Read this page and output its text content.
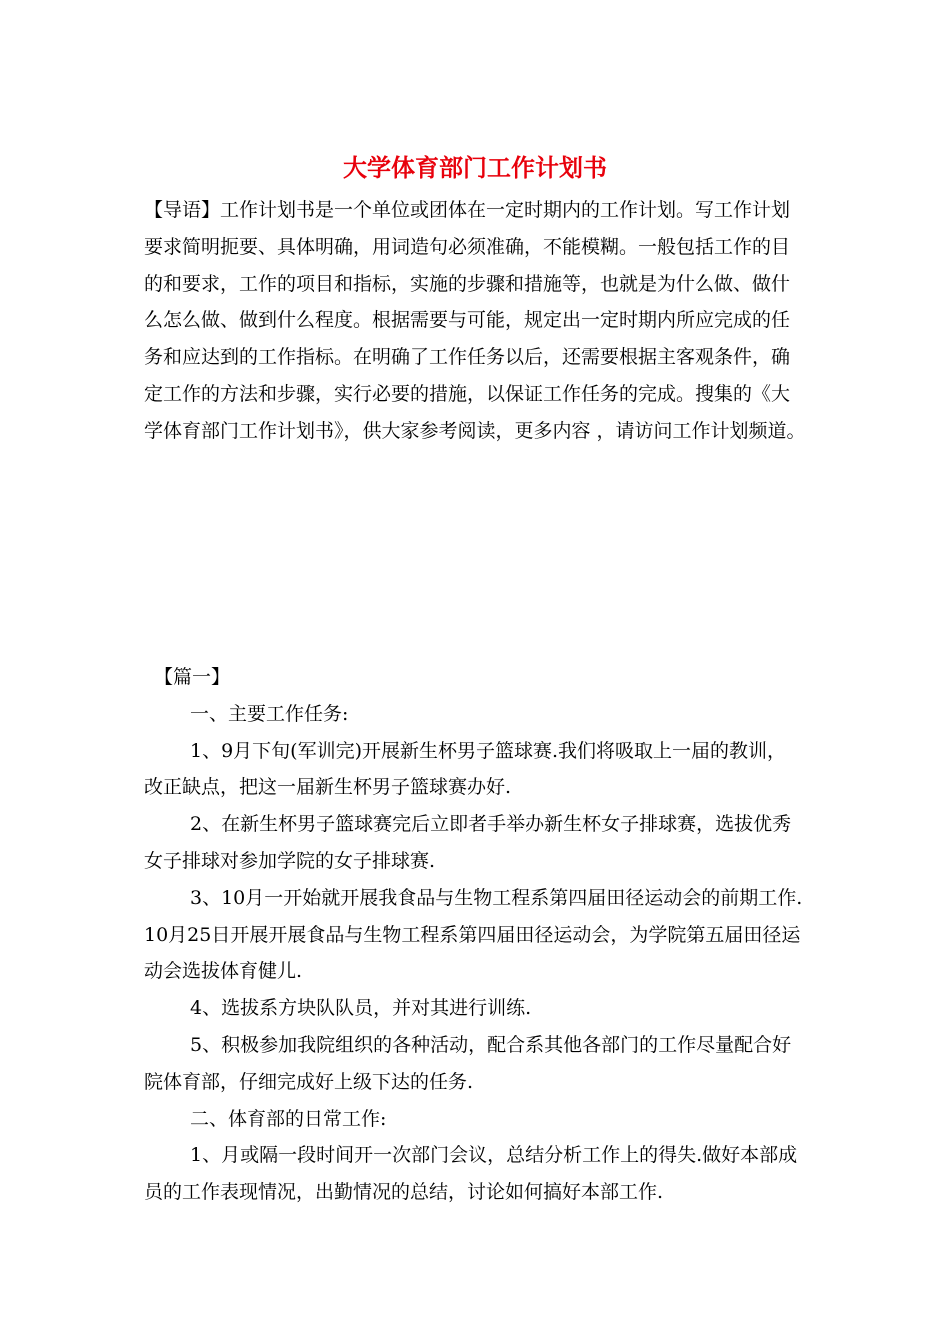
大学体育部门工作计划书
【导语】工作计划书是一个单位或团体在一定时期内的工作计划。写工作计划
要求简明扼要、具体明确，用词造句必须准确，不能模糊。一般包括工作的目
的和要求，工作的项目和指标，实施的步骤和措施等，也就是为什么做、做什
么怎么做、做到什么程度。根据需要与可能，规定出一定时期内所应完成的任
务和应达到的工作指标。在明确了工作任务以后，还需要根据主客观条件，确
定工作的方法和步骤，实行必要的措施，以保证工作任务的完成。搜集的《大
学体育部门工作计划书》，供大家参考阅读，更多内容 ，请访问工作计划频道。
【篇一】
一、主要工作任务:
1、9月下旬(军训完)开展新生杯男子篮球赛.我们将吸取上一届的教训，
改正缺点，把这一届新生杯男子篮球赛办好.
2、在新生杯男子篮球赛完后立即者手举办新生杯女子排球赛，选拔优秀
女子排球对参加学院的女子排球赛.
3、10月一开始就开展我食品与生物工程系第四届田径运动会的前期工作.
10月25日开展开展食品与生物工程系第四届田径运动会，为学院第五届田径运
动会选拔体育健儿.
4、选拔系方块队队员，并对其进行训练.
5、积极参加我院组织的各种活动，配合系其他各部门的工作尽量配合好
院体育部，仔细完成好上级下达的任务.
二、体育部的日常工作:
1、月或隔一段时间开一次部门会议，总结分析工作上的得失.做好本部成
员的工作表现情况，出勤情况的总结，讨论如何搞好本部工作.
